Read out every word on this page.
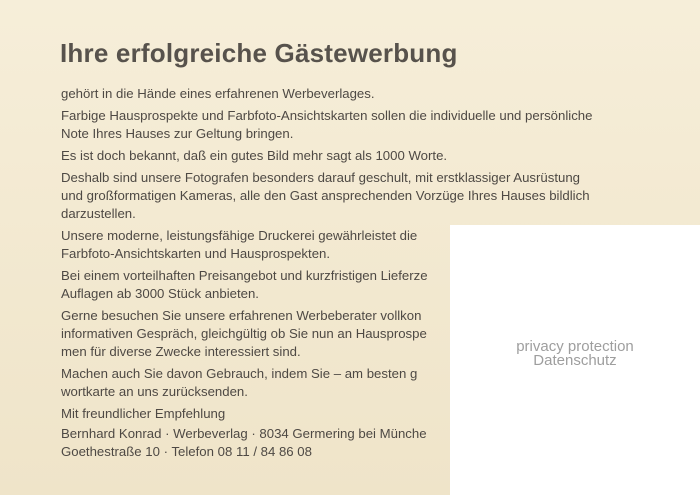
Ihre erfolgreiche Gästewerbung

gehört in die Hände eines erfahrenen Werbeverlages.

Farbige Hausprospekte und Farbfoto-Ansichtskarten sollen die individuelle und persönliche
Note Ihres Hauses zur Geltung bringen.

Es ist doch bekannt, daß ein gutes Bild mehr sagt als 1000 Worte.

Deshalb sind unsere Fotografen besonders darauf geschult, mit erstklassiger Ausrüstung
und großformatigen Kameras, alle den Gast ansprechenden Vorzüge Ihres Hauses bildlich
darzustellen.

Unsere moderne, leistungsfähige Druckerei gewährleistet die
Farbfoto-Ansichtskarten und Hausprospekten.

Bei einem vorteilhaften Preisangebot und kurzfristigen Lieferze
Auflagen ab 3000 Stück anbieten.

Gerne besuchen Sie unsere erfahrenen Werbeberater vollkon
informativen Gespräch, gleichgültig ob Sie nun an Hausprospe
men für diverse Zwecke interessiert sind.

Machen auch Sie davon Gebrauch, indem Sie – am besten g
wortkarte an uns zurücksenden.

Mit freundlicher Empfehlung

Bernhard Konrad · Werbeverlag · 8034 Germering bei Münche
Goethestraße 10 · Telefon 08 11 / 84 86 08
privacy protection
Datenschutz
